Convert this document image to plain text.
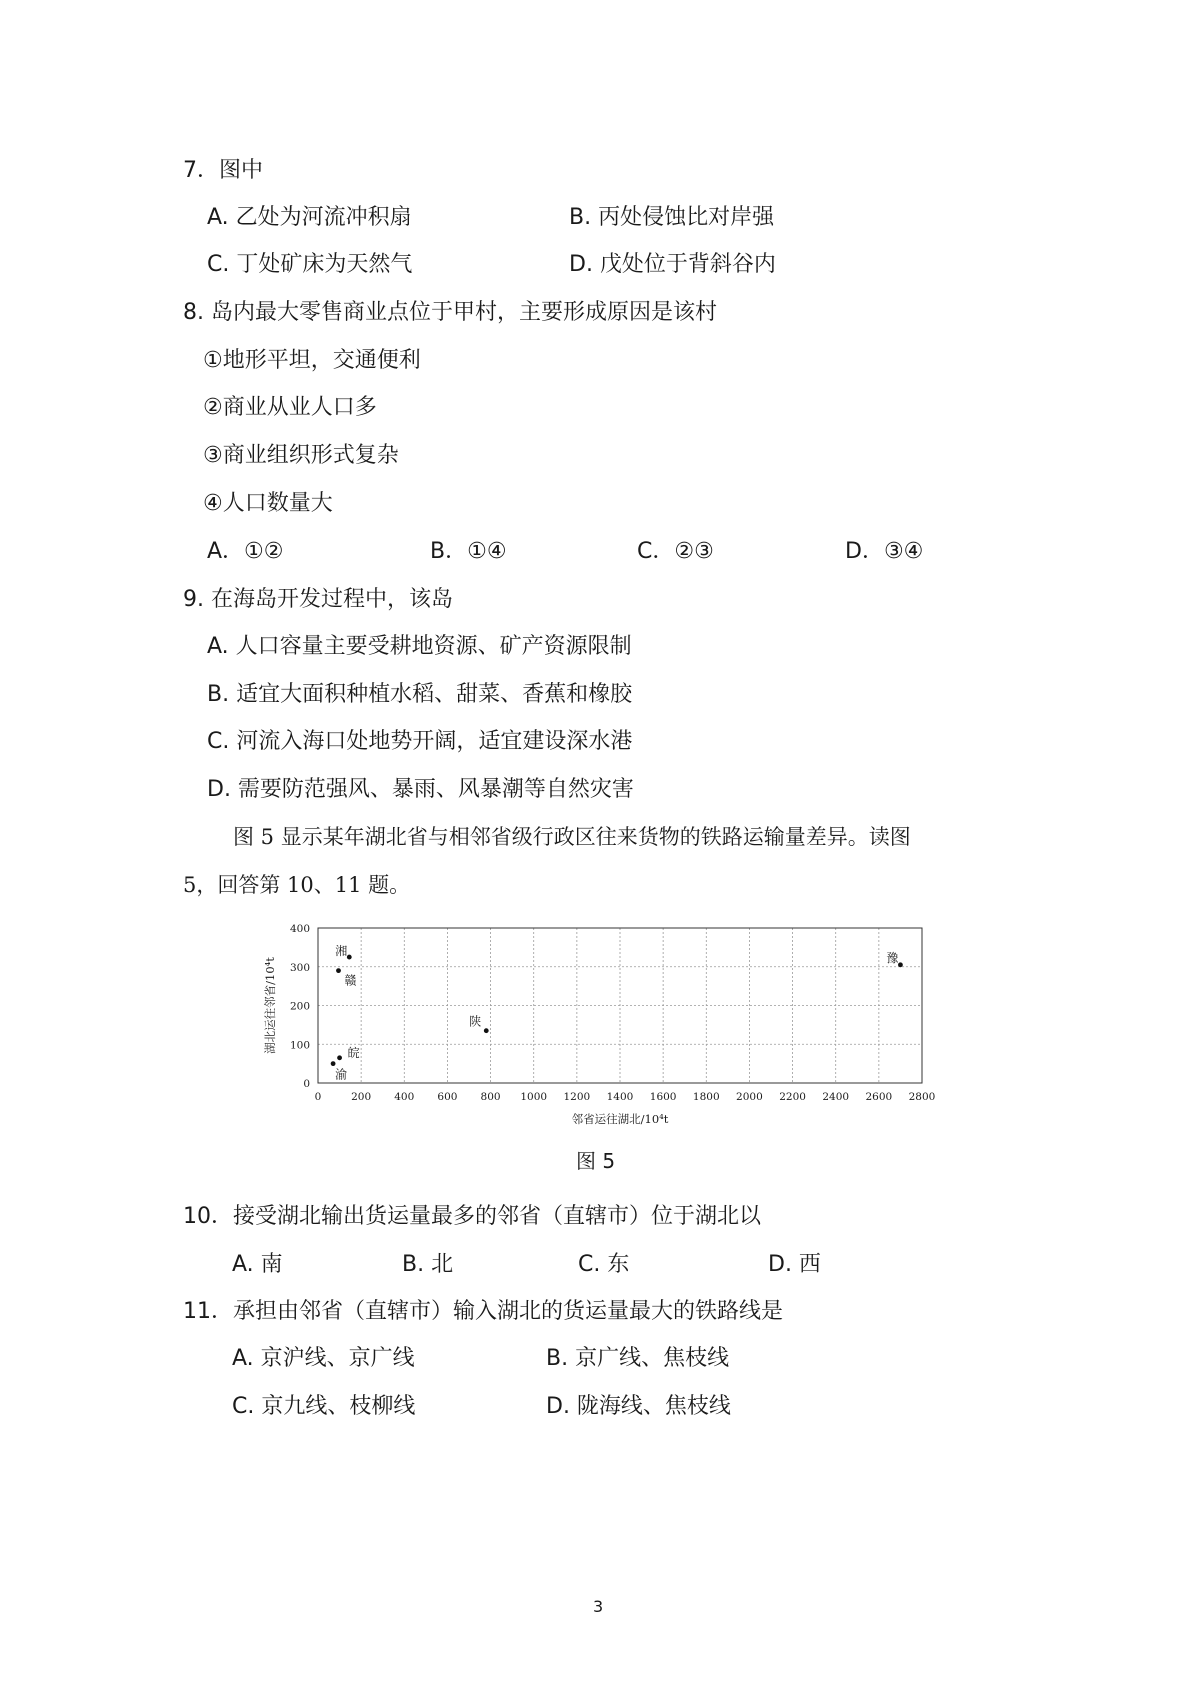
7．图中
A. 乙处为河流冲积扇	B. 丙处侵蚀比对岸强
C. 丁处矿床为天然气	D. 戊处位于背斜谷内
8. 岛内最大零售商业点位于甲村，主要形成原因是该村
①地形平坦，交通便利
②商业从业人口多
③商业组织形式复杂
④人口数量大
A．①②	B．①④	C．②③	D．③④
9. 在海岛开发过程中，该岛
A. 人口容量主要受耕地资源、矿产资源限制
B. 适宜大面积种植水稻、甜菜、香蕉和橡胶
C. 河流入海口处地势开阔，适宜建设深水港
D. 需要防范强风、暴雨、风暴潮等自然灾害
图 5 显示某年湖北省与相邻省级行政区往来货物的铁路运输量差异。读图
5，回答第 10、11 题。
0	200 400 600 800 1000 1200 1400 1600 1800 2000 2200 2400 2600 2800
0
100
200
300
400
邻省运往湖北/10⁴t
湖北运往邻省/10⁴t
湘
赣
陕
皖
渝
豫
图 5
10．接受湖北输出货运量最多的邻省（直辖市）位于湖北以
A. 南	B. 北	C. 东	D. 西
11．承担由邻省（直辖市）输入湖北的货运量最大的铁路线是
A. 京沪线、京广线	B. 京广线、焦枝线
C. 京九线、枝柳线	D. 陇海线、焦枝线
3
